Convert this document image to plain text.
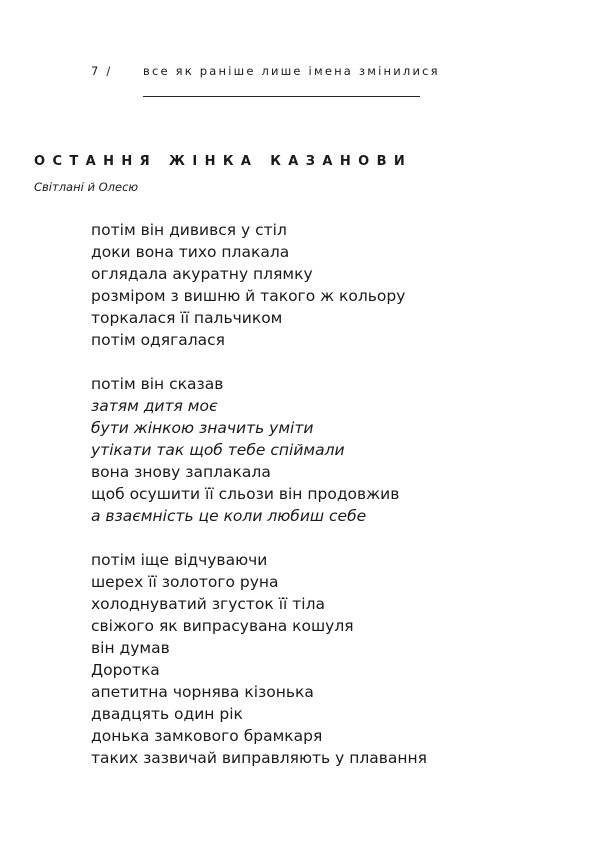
7 /	все як раніше лише імена змінилися
ОСТАННЯ ЖІНКА КАЗАНОВИ
Світлані й Олесю
потім він дивився у стіл
доки вона тихо плакала
оглядала акуратну плямку
розміром з вишню й такого ж кольору
торкалася її пальчиком
потім одягалася
потім він сказав
затям дитя моє
бути жінкою значить уміти
утікати так щоб тебе спіймали
вона знову заплакала
щоб осушити її сльози він продовжив
а взаємність це коли любиш себе
потім іще відчуваючи
шерех її золотого руна
холоднуватий згусток її тіла
свіжого як випрасувана кошуля
він думав
Доротка
апетитна чорнява кізонька
двадцять один рік
донька замкового брамкаря
таких зазвичай виправляють у плавання
